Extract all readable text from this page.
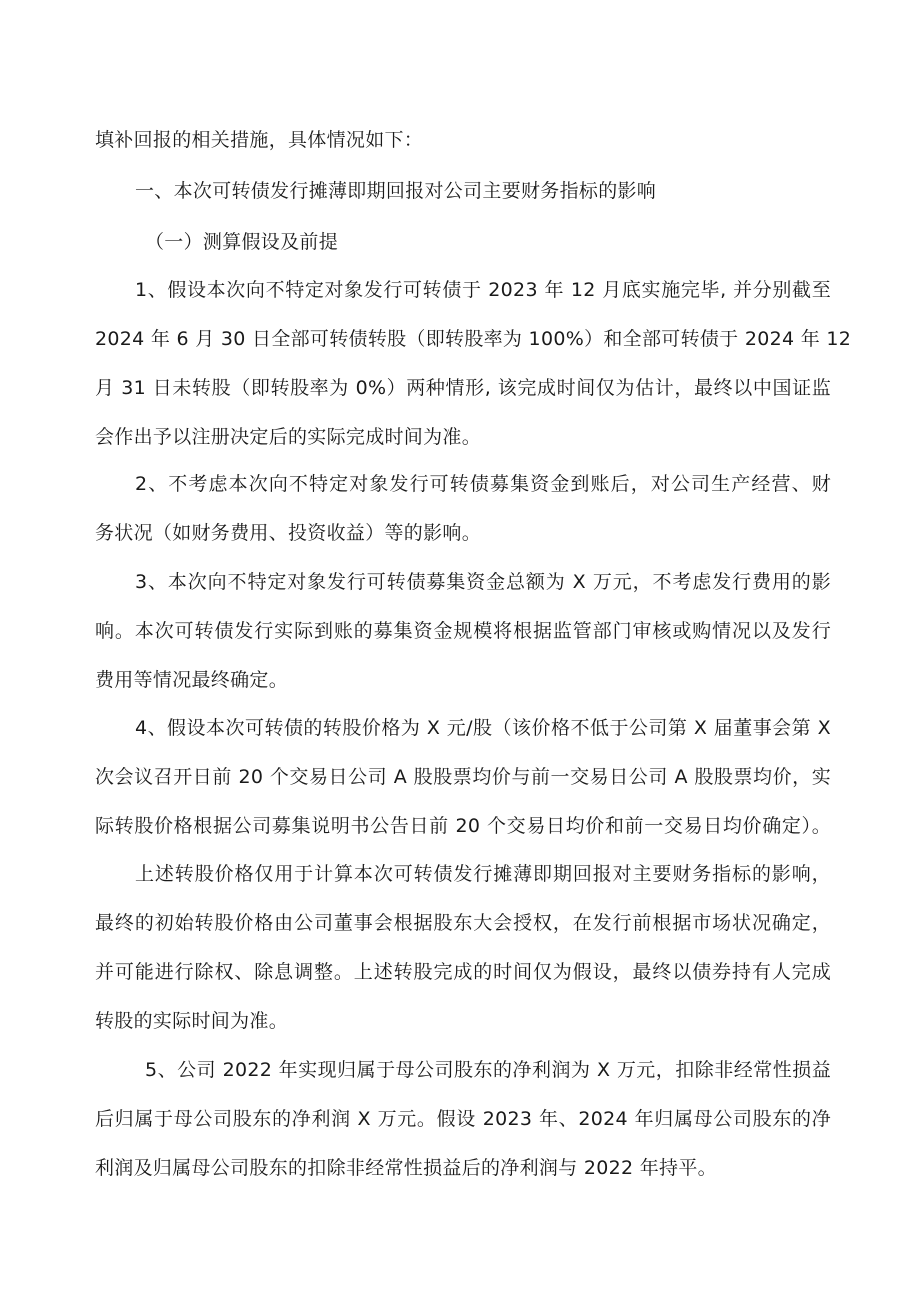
填补回报的相关措施，具体情况如下：
一、本次可转债发行摊薄即期回报对公司主要财务指标的影响
（一）测算假设及前提
1、假设本次向不特定对象发行可转债于 2023 年 12 月底实施完毕, 并分别截至
2024 年 6 月 30 日全部可转债转股（即转股率为 100%）和全部可转债于 2024 年 12
月 31 日未转股（即转股率为 0%）两种情形, 该完成时间仅为估计，最终以中国证监
会作出予以注册决定后的实际完成时间为准。
2、不考虑本次向不特定对象发行可转债募集资金到账后，对公司生产经营、财
务状况（如财务费用、投资收益）等的影响。
3、本次向不特定对象发行可转债募集资金总额为 X 万元，不考虑发行费用的影
响。本次可转债发行实际到账的募集资金规模将根据监管部门审核或购情况以及发行
费用等情况最终确定。
4、假设本次可转债的转股价格为 X 元/股（该价格不低于公司第 X 届董事会第 X
次会议召开日前 20 个交易日公司 A 股股票均价与前一交易日公司 A 股股票均价，实
际转股价格根据公司募集说明书公告日前 20 个交易日均价和前一交易日均价确定）。
上述转股价格仅用于计算本次可转债发行摊薄即期回报对主要财务指标的影响，
最终的初始转股价格由公司董事会根据股东大会授权，在发行前根据市场状况确定，
并可能进行除权、除息调整。上述转股完成的时间仅为假设，最终以债券持有人完成
转股的实际时间为准。
5、公司 2022 年实现归属于母公司股东的净利润为 X 万元，扣除非经常性损益
后归属于母公司股东的净利润 X 万元。假设 2023 年、2024 年归属母公司股东的净
利润及归属母公司股东的扣除非经常性损益后的净利润与 2022 年持平。
